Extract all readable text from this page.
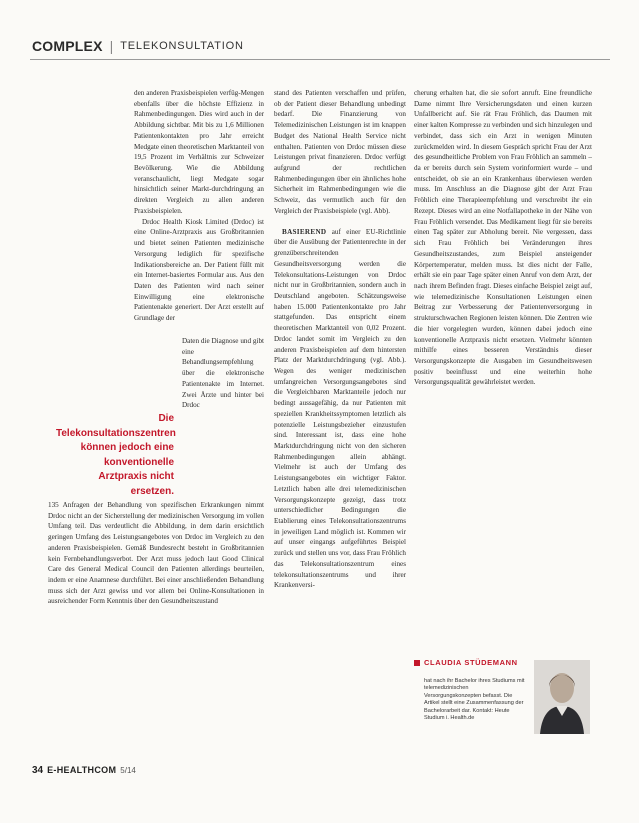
COMPLEX | TELEKONSULTATION

den anderen Praxisbeispielen verfüg-Mengen ebenfalls über die höchste Effizienz in Rahmenbedingungen. Dies wird auch in der Abbildung sichtbar. Mit bis zu 1,6 Millionen Patientenkontakten pro Jahr erreicht Medgate einen theoretischen Marktanteil von 19,5 Prozent im Verhältnis zur Schweizer Bevölkerung. Wie die Abbildung veranschaulicht, liegt Medgate sogar hinsichtlich seiner Markt-durchdringung an direkten Vergleich zu allen anderen Praxisbeispielen.

Drdoc Health Kiosk Limited (Drdoc) ist eine Online-Arztpraxis aus Großbritannien und bietet seinen Patienten medizinische Versorgung lediglich für spezifische Indikationsbereiche an. Der Patient füllt mit ein Internet-basiertes Formular aus. Aus den Daten des Patienten wird nach seiner Einwilligung eine elektronische Patientenakte generiert. Der Arzt erstellt auf Grundlage der

Daten die Diagnose und gibt eine Behandlungsempfehlung über die elektronische Patientenakte im Internet. Zwei Ärzte und hinter bei Drdoc
Die Telekonsultationszentren können jedoch eine konventionelle Arztpraxis nicht ersetzen.
135 Anfragen der Behandlung von spezifischen Erkrankungen nimmt Drdoc nicht an der Sicherstellung der medizinischen Versorgung im vollen Umfang teil. Das verdeutlicht die Abbildung, in dem darin ersichtlich geringen Umfang des Leistungsangebotes von Drdoc im Vergleich zu den anderen Praxisbeispielen. Gemäß Bundesrecht besteht in Großbritannien kein Fernbehandlungsverbot. Der Arzt muss jedoch laut Good Clinical Care des General Medical Council den Patienten allerdings beurteilen, indem er eine Anamnese durchführt. Bei einer anschließenden Behandlung muss sich der Arzt gewiss und vor allem bei Online-Konsultationen in ausreichender Form Kenntnis über den Gesundheitszustand

stand des Patienten verschaffen und prüfen, ob der Patient dieser Behandlung unbedingt bedarf. Die Finanzierung von Telemedizinischen Leistungen ist im knappen Budget des National Health Service nicht enthalten. Patienten von Drdoc müssen diese Leistungen privat finanzieren. Drdoc verfügt aufgrund der rechtlichen Rahmenbedingungen über ein ähnliches hohe Sicherheit im Rahmenbedingungen wie die Schweiz, das vermutlich auch für den Vergleich der Praxisbeispiele (vgl. Abb).

BASIEREND auf einer EU-Richtlinie über die Ausübung der Patientenrechte in der grenzüberschreitenden Gesundheitsversorgung werden die Telekonsultations-Leistungen von Drdoc nicht nur in Großbritannien, sondern auch in Deutschland angeboten. Schätzungsweise haben 15.000 Patientenkontakte pro Jahr stattgefunden. Das entspricht einem theoretischen Marktanteil von 0,02 Prozent. Drdoc landet somit im Vergleich zu den anderen Praxisbeispielen auf dem hintersten Platz der Marktdurchdringung (vgl. Abb.). Wegen des weniger medizinischen umfangreichen Versorgungsangebotes sind die Vergleichbaren Marktanteile jedoch nur bedingt aussagefähig, da nur Patienten mit speziellen Krankheitssymptomen letztlich als potenzielle Leistungsbezieher einzustufen sind. Interessant ist, dass eine hohe Marktdurchdringung nicht von den sicheren Rahmenbedingungen allein abhängt. Vielmehr ist auch der Umfang des Leistungsangebotes ein wichtiger Faktor. Letztlich haben alle drei telemedizinischen Versorgungskonzepte gezeigt, dass trotz unterschiedlicher Bedingungen die Etablierung eines Telekonsultationszentrums in jeweiligen Land möglich ist. Kommen wir auf unser eingangs aufgeführtes Beispiel zurück und stellen uns vor, dass Frau Fröhlich das Telekonsultationszentrum eines telekonsultationszentrums und ihrer Krankenversi-

cherung erhalten hat, die sie sofort anruft. Eine freundliche Dame nimmt Ihre Versicherungsdaten und einen kurzen Unfallbericht auf. Sie rät Frau Fröhlich, das Daumen mit einer kalten Kompresse zu verbinden und sich hinzulegen und verbindet, dass sich ein Arzt in wenigen Minuten zurückmelden wird. In diesem Gespräch spricht Frau der Arzt des gesundheitliche Problem von Frau Fröhlich an sammeln – da er bereits durch sein System vorinformiert wurde – und entscheidet, ob sie an ein Krankenhaus überwiesen werden muss. Im Anschluss an die Diagnose gibt der Arzt Frau Fröhlich eine Therapieempfehlung und verschreibt ihr ein Rezept. Dieses wird an eine Notfallapotheke in der Nähe von Frau Fröhlich versendet. Das Medikament liegt für sie bereits einen Tag später zur Abholung bereit. Nie vergessen, dass sich Frau Fröhlich bei Veränderungen ihres Gesundheitszustandes, zum Beispiel ansteigender Körpertemperatur, melden muss. Ist dies nicht der Falle, erhält sie ein paar Tage später einen Anruf von dem Arzt, der nach ihrem Befinden fragt. Dieses einfache Beispiel zeigt auf, wie telemedizinische Konsultationen Leistungen einen Beitrag zur Verbesserung der Patientenversorgung in strukturschwachen Regionen leisten können. Die Zentren wie die hier vorgelegten wurden, können dabei jedoch eine konventionelle Arztpraxis nicht ersetzen. Vielmehr könnten mithilfe eines besseren Verständnis dieser Versorgungskonzepte die Ausgaben im Gesundheitswesen positiv beeinflusst und eine weiterhin hohe Versorgungsqualität gewährleistet werden.

CLAUDIA STÜDEMANN
hat nach ihr Bachelor ihres Studiums mit telemedizinischen Versorgungskonzepten befasst. Die Artikel stellt eine Zusammenfassung der Bachelorarbeit dar. Kontakt: Heute Studium i. Health.de
34 E-HEALTHCOM 5/14
